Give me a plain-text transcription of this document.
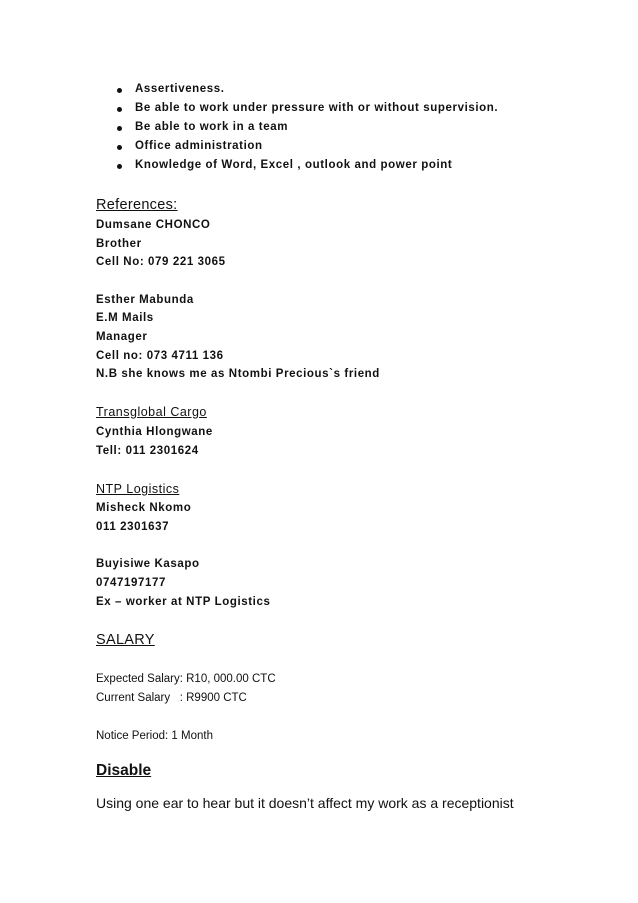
Assertiveness.
Be able to work under pressure with or without supervision.
Be able to work in a team
Office administration
Knowledge of Word, Excel , outlook and power point
References:
Dumsane CHONCO
Brother
Cell No: 079 221 3065
Esther Mabunda
E.M Mails
Manager
Cell no: 073 4711 136
N.B she knows me as Ntombi Precious`s friend
Transglobal Cargo
Cynthia Hlongwane
Tell: 011 2301624
NTP Logistics
Misheck Nkomo
011 2301637
Buyisiwe Kasapo
0747197177
Ex – worker at NTP Logistics
SALARY
Expected Salary: R10, 000.00 CTC
Current Salary   : R9900 CTC
Notice Period: 1 Month
Disable
Using one ear to hear but it doesn’t affect my work as a receptionist
